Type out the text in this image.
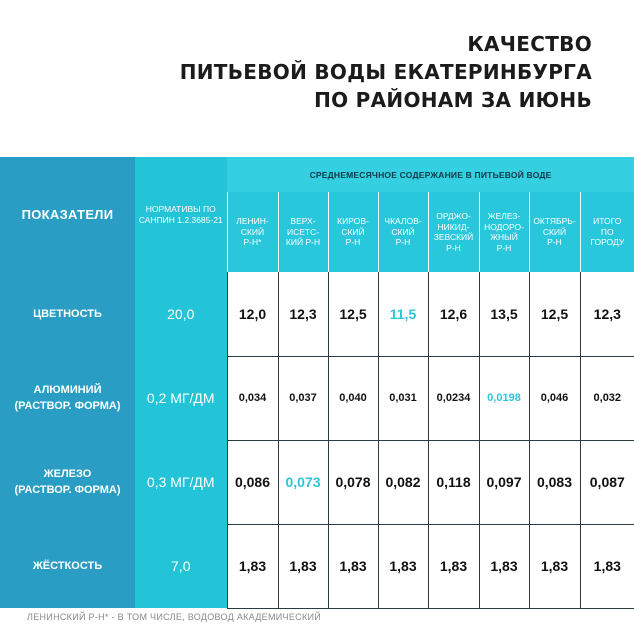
КАЧЕСТВО
ПИТЬЕВОЙ ВОДЫ ЕКАТЕРИНБУРГА
ПО РАЙОНАМ ЗА ИЮНЬ
ПОКАЗАТЕЛИ	НОРМАТИВЫ ПО САНПИН 1.2.3685-21	СРЕДНЕМЕСЯЧНОЕ СОДЕРЖАНИЕ В ПИТЬЕВОЙ ВОДЕ							
		ЛЕНИН-
СКИЙ
Р-Н*	ВЕРХ-
ИСЕТС-
КИЙ Р-Н	КИРОВ-
СКИЙ
Р-Н	ЧКАЛОВ-
СКИЙ
Р-Н	ОРДЖО-
НИКИД-
ЗЕВСКИЙ
Р-Н	ЖЕЛЕЗ-
НОДОРО-
ЖНЫЙ
Р-Н	ОКТЯБРЬ-
СКИЙ
Р-Н	ИТОГО
ПО
ГОРОДУ
ЦВЕТНОСТЬ	20,0	12,0	12,3	12,5	11,5	12,6	13,5	12,5	12,3
АЛЮМИНИЙ
(РАСТВОР. ФОРМА)	0,2 МГ/ДМ	0,034	0,037	0,040	0,031	0,0234	0,0198	0,046	0,032
ЖЕЛЕЗО
(РАСТВОР. ФОРМА)	0,3 МГ/ДМ	0,086	0,073	0,078	0,082	0,118	0,097	0,083	0,087
ЖЁСТКОСТЬ	7,0	1,83	1,83	1,83	1,83	1,83	1,83	1,83	1,83
ЛЕНИНСКИЙ Р-Н* - В ТОМ ЧИСЛЕ, ВОДОВОД АКАДЕМИЧЕСКИЙ
